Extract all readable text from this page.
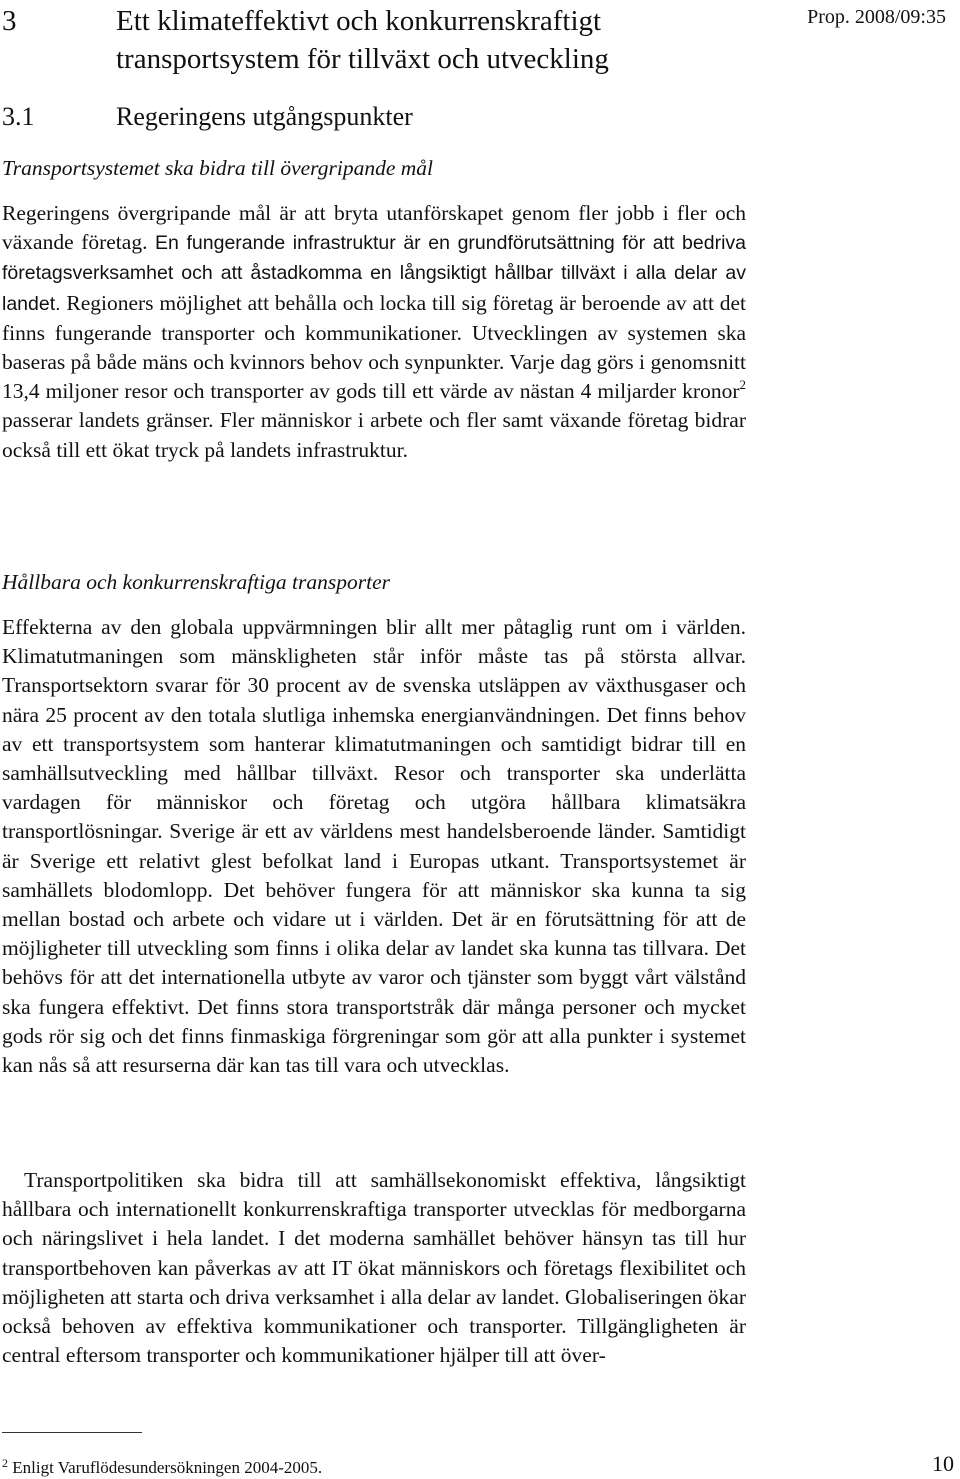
3	Ett klimateffektivt och konkurrenskraftigt transportsystem för tillväxt och utveckling
Prop. 2008/09:35
3.1	Regeringens utgångspunkter
Transportsystemet ska bidra till övergripande mål

Regeringens övergripande mål är att bryta utanförskapet genom fler jobb i fler och växande företag. En fungerande infrastruktur är en grundförutsättning för att bedriva företagsverksamhet och att åstadkomma en långsiktigt hållbar tillväxt i alla delar av landet. Regioners möjlighet att behålla och locka till sig företag är beroende av att det finns fungerande transporter och kommunikationer. Utvecklingen av systemen ska baseras på både mäns och kvinnors behov och synpunkter. Varje dag görs i genomsnitt 13,4 miljoner resor och transporter av gods till ett värde av nästan 4 miljarder kronor$^2$ passerar landets gränser. Fler människor i arbete och fler samt växande företag bidrar också till ett ökat tryck på landets infrastruktur.

Hållbara och konkurrenskraftiga transporter

Effekterna av den globala uppvärmningen blir allt mer påtaglig runt om i världen. Klimatutmaningen som mänskligheten står inför måste tas på största allvar. Transportsektorn svarar för 30 procent av de svenska utsläppen av växthusgaser och nära 25 procent av den totala slutliga inhemska energianvändningen. Det finns behov av ett transportsystem som hanterar klimatutmaningen och samtidigt bidrar till en samhällsutveckling med hållbar tillväxt. Resor och transporter ska underlätta vardagen för människor och företag och utgöra hållbara klimatsäkra transportlösningar. Sverige är ett av världens mest handelsberoende länder. Samtidigt är Sverige ett relativt glest befolkat land i Europas utkant. Transportsystemet är samhällets blodomlopp. Det behöver fungera för att människor ska kunna ta sig mellan bostad och arbete och vidare ut i världen. Det är en förutsättning för att de möjligheter till utveckling som finns i olika delar av landet ska kunna tas tillvara. Det behövs för att det internationella utbyte av varor och tjänster som byggt vårt välstånd ska fungera effektivt. Det finns stora transportstråk där många personer och mycket gods rör sig och det finns finmaskiga förgreningar som gör att alla punkter i systemet kan nås så att resurserna där kan tas till vara och utvecklas.

Transportpolitiken ska bidra till att samhällsekonomiskt effektiva, långsiktigt hållbara och internationellt konkurrenskraftiga transporter utvecklas för medborgarna och näringslivet i hela landet. I det moderna samhället behöver hänsyn tas till hur transportbehoven kan påverkas av att IT ökat människors och företags flexibilitet och möjligheten att starta och driva verksamhet i alla delar av landet. Globaliseringen ökar också behoven av effektiva kommunikationer och transporter. Tillgängligheten är central eftersom transporter och kommunikationer hjälper till att över-

$^2$ Enligt Varuflödesundersökningen 2004-2005.	10
